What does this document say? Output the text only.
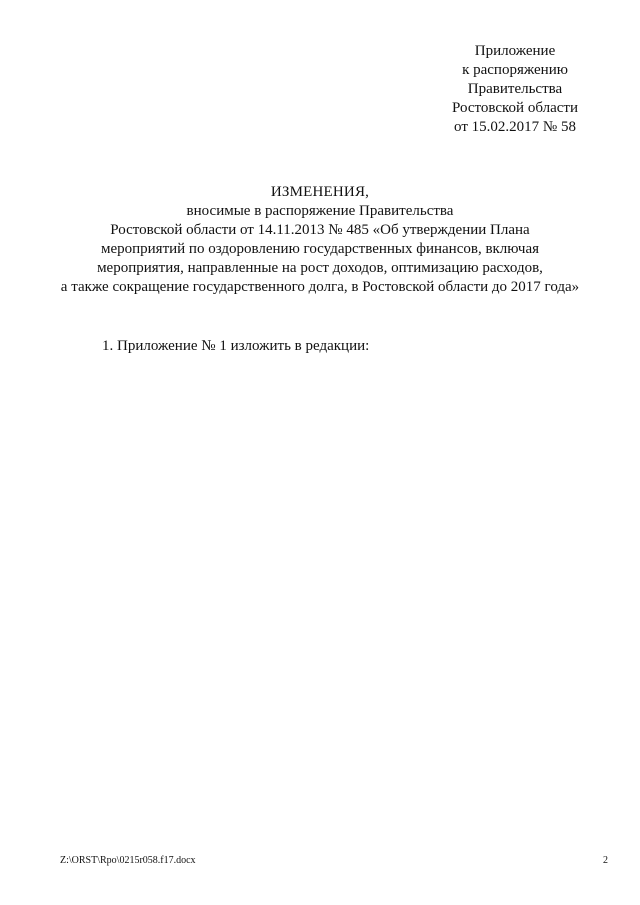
Приложение
к распоряжению
Правительства
Ростовской области
от 15.02.2017 № 58
ИЗМЕНЕНИЯ,
вносимые в распоряжение Правительства
Ростовской области от 14.11.2013 № 485 «Об утверждении Плана
мероприятий по оздоровлению государственных финансов, включая
мероприятия, направленные на рост доходов, оптимизацию расходов,
а также сокращение государственного долга, в Ростовской области до 2017 года»
1. Приложение № 1 изложить в редакции:
Z:\ORST\Rpo\0215r058.f17.docx	2
